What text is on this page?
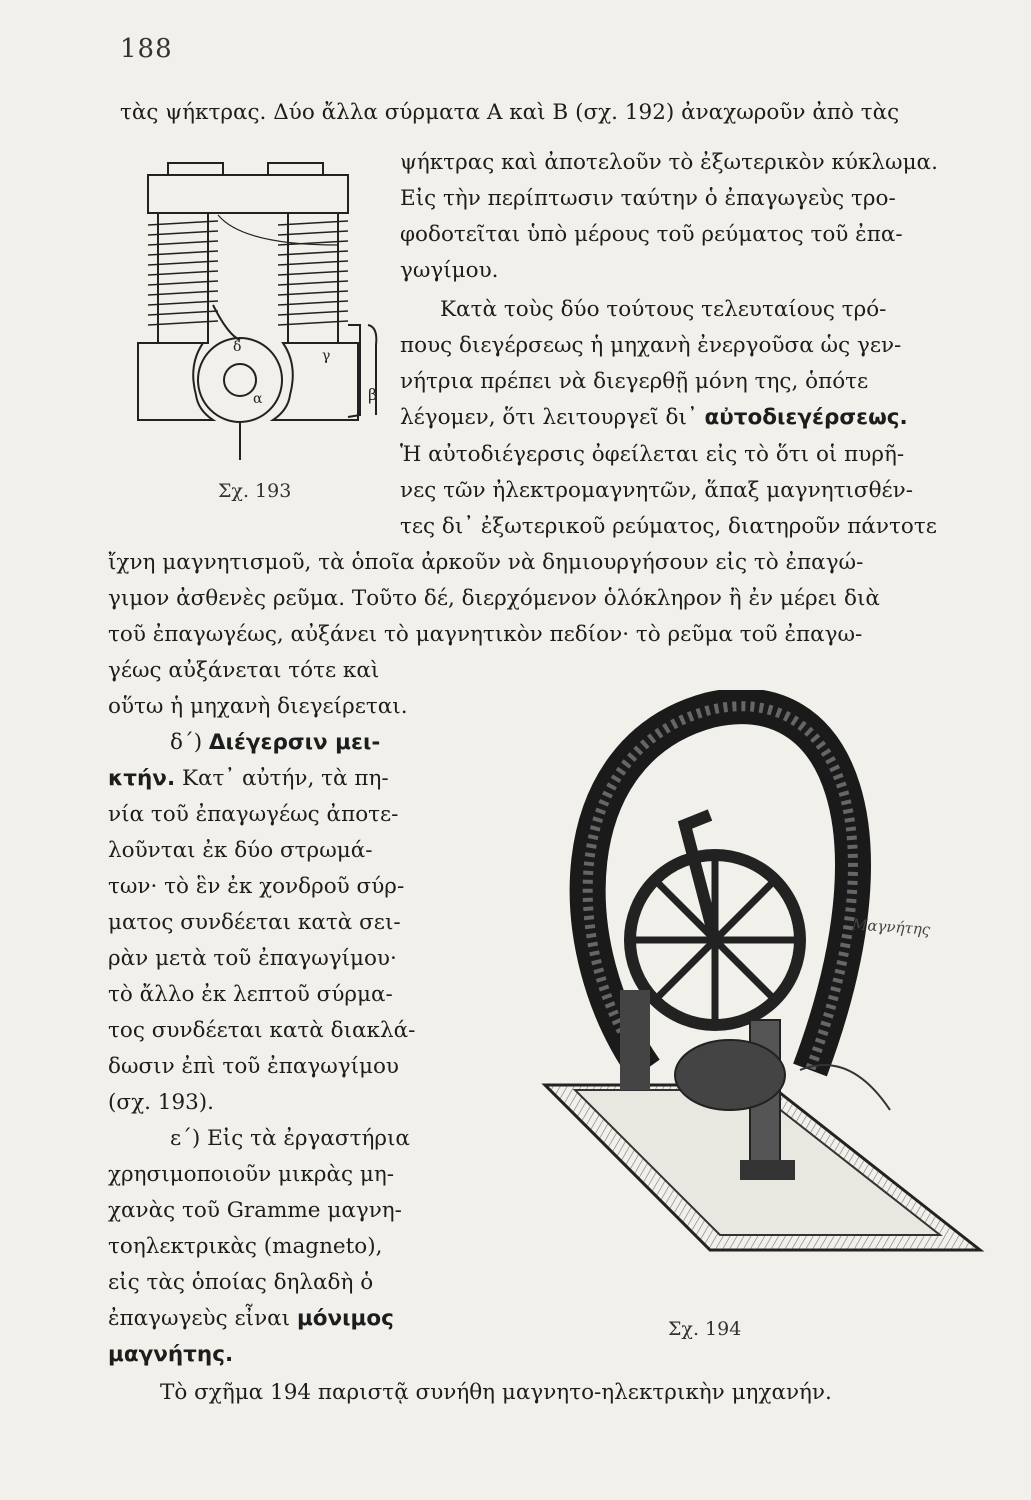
188
δ
γ
α	β
Σχ. 193
Μαγνήτης
Σχ. 194
τὰς ψήκτρας. Δύο ἄλλα σύρματα Α καὶ Β (σχ. 192) ἀναχωροῦν ἀπὸ τὰς
ψήκτρας καὶ ἀποτελοῦν τὸ ἐξωτερικὸν κύκλωμα.
Εἰς τὴν περίπτωσιν ταύτην ὁ ἐπαγωγεὺς τρο-
φοδοτεῖται ὑπὸ μέρους τοῦ ρεύματος τοῦ ἐπα-
γωγίμου.
Κατὰ τοὺς δύο τούτους τελευταίους τρό-
πους διεγέρσεως ἡ μηχανὴ ἐνεργοῦσα ὡς γεν-
νήτρια πρέπει νὰ διεγερθῇ μόνη της, ὁπότε
λέγομεν, ὅτι λειτουργεῖ δι᾽ αὐτοδιεγέρσεως.
Ἡ αὐτοδιέγερσις ὀφείλεται εἰς τὸ ὅτι οἱ πυρῆ-
νες τῶν ἠλεκτρομαγνητῶν, ἅπαξ μαγνητισθέν-
τες δι᾽ ἐξωτερικοῦ ρεύματος, διατηροῦν πάντοτε
ἴχνη μαγνητισμοῦ, τὰ ὁποῖα ἀρκοῦν νὰ δημιουργήσουν εἰς τὸ ἐπαγώ-
γιμον ἀσθενὲς ρεῦμα. Τοῦτο δέ, διερχόμενον ὁλόκληρον ἢ ἐν μέρει διὰ
τοῦ ἐπαγωγέως, αὐξάνει τὸ μαγνητικὸν πεδίον· τὸ ρεῦμα τοῦ ἐπαγω-
γέως αὐξάνεται τότε καὶ
οὕτω ἡ μηχανὴ διεγείρεται.
δ΄) Διέγερσιν μει-
κτήν. Κατ᾽ αὐτήν, τὰ πη-
νία τοῦ ἐπαγωγέως ἀποτε-
λοῦνται ἐκ δύο στρωμά-
των· τὸ ἓν ἐκ χονδροῦ σύρ-
ματος συνδέεται κατὰ σει-
ρὰν μετὰ τοῦ ἐπαγωγίμου·
τὸ ἄλλο ἐκ λεπτοῦ σύρμα-
τος συνδέεται κατὰ διακλά-
δωσιν ἐπὶ τοῦ ἐπαγωγίμου
(σχ. 193).
ε΄) Εἰς τὰ ἐργαστήρια
χρησιμοποιοῦν μικρὰς μη-
χανὰς τοῦ Gramme μαγνη-
τοηλεκτρικὰς (magneto),
εἰς τὰς ὁποίας δηλαδὴ ὁ
ἐπαγωγεὺς εἶναι μόνιμος
μαγνήτης.
Τὸ σχῆμα 194 παριστᾷ συνήθη μαγνητο-ηλεκτρικὴν μηχανήν.
